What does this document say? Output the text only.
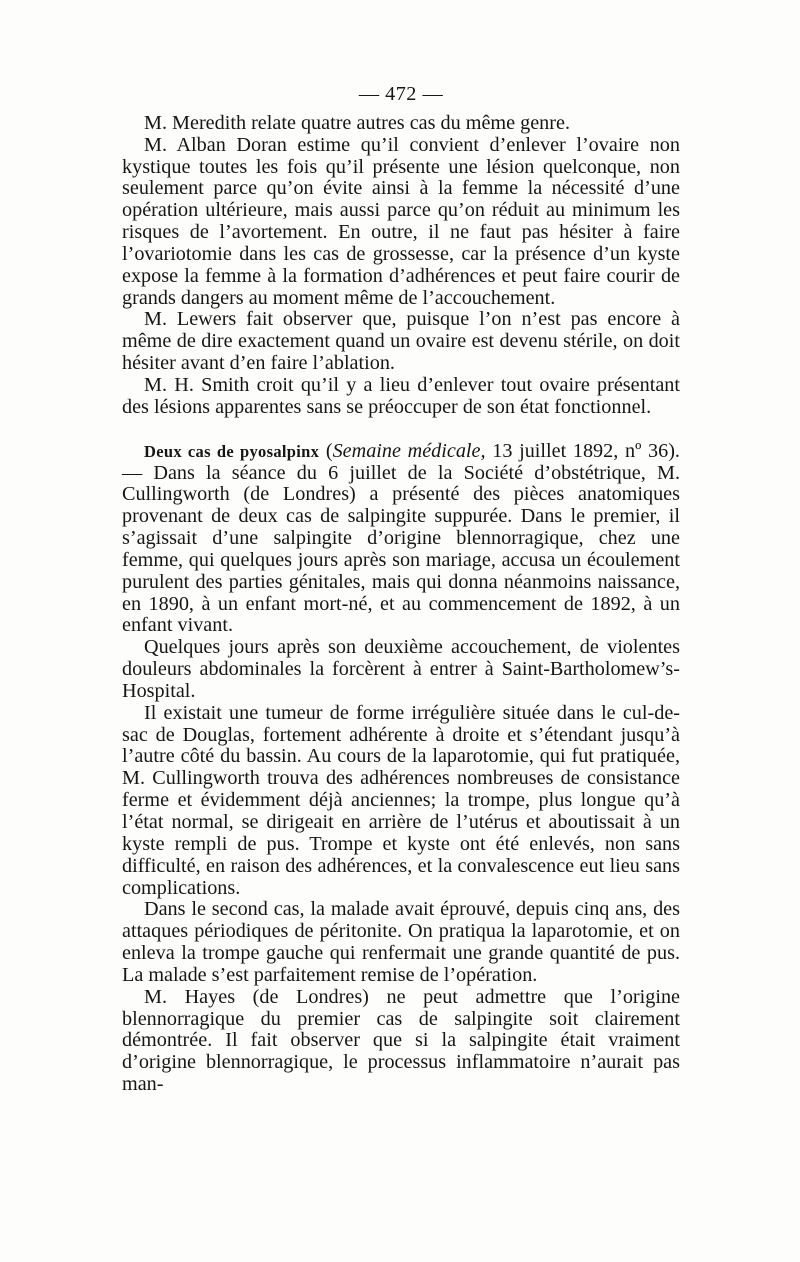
— 472 —

M. Meredith relate quatre autres cas du même genre.

M. Alban Doran estime qu’il convient d’enlever l’ovaire non kystique toutes les fois qu’il présente une lésion quelconque, non seulement parce qu’on évite ainsi à la femme la nécessité d’une opération ultérieure, mais aussi parce qu’on réduit au minimum les risques de l’avortement. En outre, il ne faut pas hésiter à faire l’ovariotomie dans les cas de grossesse, car la présence d’un kyste expose la femme à la formation d’adhérences et peut faire courir de grands dangers au moment même de l’accouchement.

M. Lewers fait observer que, puisque l’on n’est pas encore à même de dire exactement quand un ovaire est devenu stérile, on doit hésiter avant d’en faire l’ablation.

M. H. Smith croit qu’il y a lieu d’enlever tout ovaire présentant des lésions apparentes sans se préoccuper de son état fonctionnel.

Deux cas de pyosalpinx (Semaine médicale, 13 juillet 1892, nº 36). — Dans la séance du 6 juillet de la Société d’obstétrique, M. Cullingworth (de Londres) a présenté des pièces anatomiques provenant de deux cas de salpingite suppurée. Dans le premier, il s’agissait d’une salpingite d’origine blennorragique, chez une femme, qui quelques jours après son mariage, accusa un écoulement purulent des parties génitales, mais qui donna néanmoins naissance, en 1890, à un enfant mort-né, et au commencement de 1892, à un enfant vivant.

Quelques jours après son deuxième accouchement, de violentes douleurs abdominales la forcèrent à entrer à Saint-Bartholomew’s-Hospital.

Il existait une tumeur de forme irrégulière située dans le cul-de-sac de Douglas, fortement adhérente à droite et s’étendant jusqu’à l’autre côté du bassin. Au cours de la laparotomie, qui fut pratiquée, M. Cullingworth trouva des adhérences nombreuses de consistance ferme et évidemment déjà anciennes; la trompe, plus longue qu’à l’état normal, se dirigeait en arrière de l’utérus et aboutissait à un kyste rempli de pus. Trompe et kyste ont été enlevés, non sans difficulté, en raison des adhérences, et la convalescence eut lieu sans complications.

Dans le second cas, la malade avait éprouvé, depuis cinq ans, des attaques périodiques de péritonite. On pratiqua la laparotomie, et on enleva la trompe gauche qui renfermait une grande quantité de pus. La malade s’est parfaitement remise de l’opération.

M. Hayes (de Londres) ne peut admettre que l’origine blennorragique du premier cas de salpingite soit clairement démontrée. Il fait observer que si la salpingite était vraiment d’origine blennorragique, le processus inflammatoire n’aurait pas man-
